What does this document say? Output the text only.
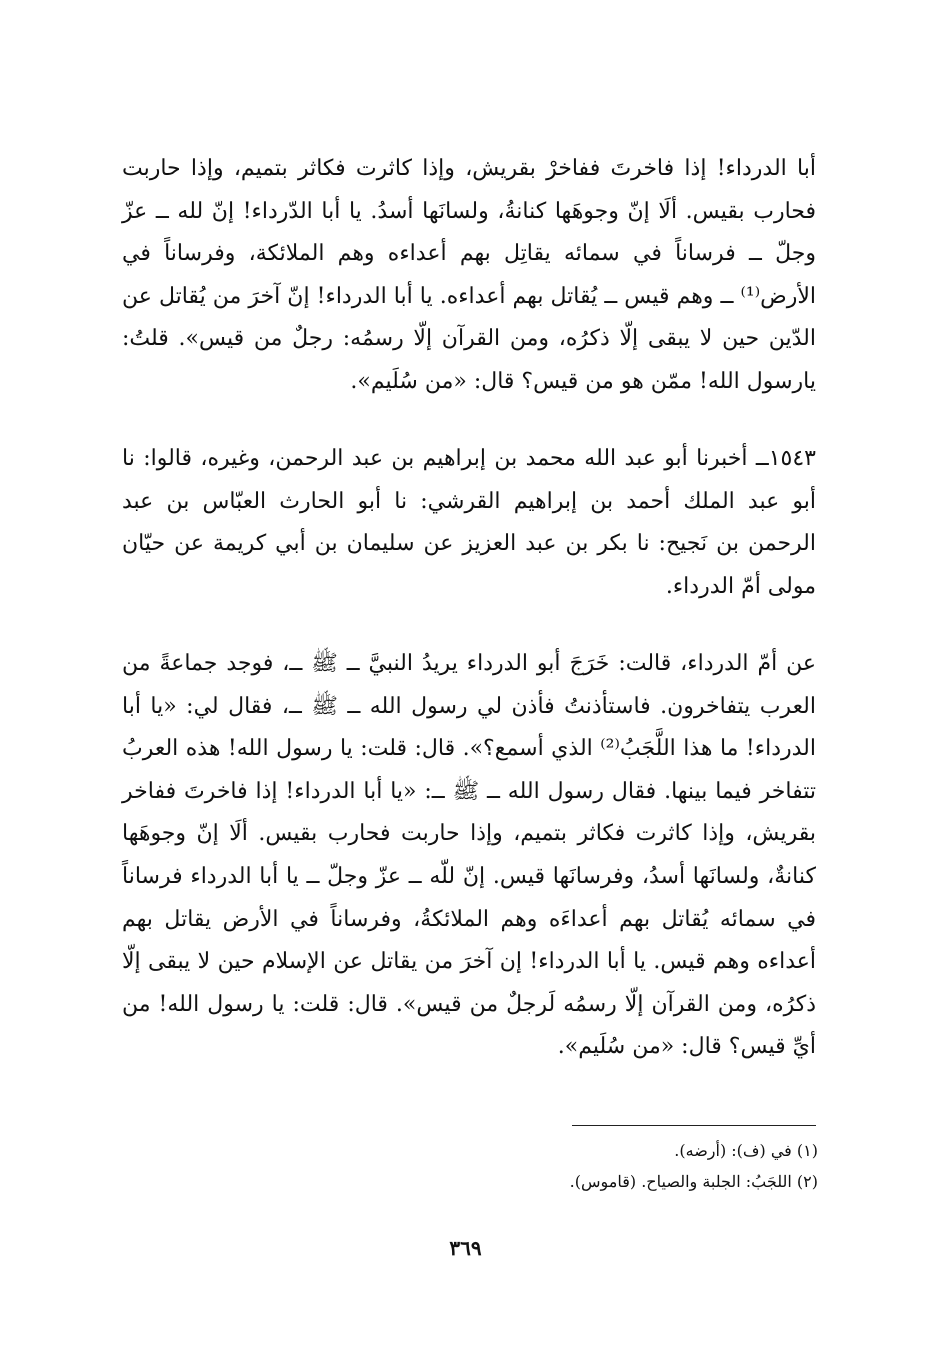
أبا الدرداء! إذا فاخرتَ ففاخرْ بقريش، وإذا كاثرت فكاثر بتميم، وإذا حاربت فحارب بقيس. ألَا إنّ وجوهَها كنانةُ، ولسانَها أسدُ. يا أبا الدّرداء! إنّ لله ــ عزّ وجلّ ــ فرساناً في سمائه يقاتِل بهم أعداءه وهم الملائكة، وفرساناً في الأرض⁽¹⁾ ــ وهم قيس ــ يُقاتل بهم أعداءه. يا أبا الدرداء! إنّ آخرَ من يُقاتل عن الدّين حين لا يبقى إلّا ذكرُه، ومن القرآن إلّا رسمُه: رجلٌ من قيس». قلتُ: يارسول الله! ممّن هو من قيس؟ قال: «من سُلَيم».

١٥٤٣ــ أخبرنا أبو عبد الله محمد بن إبراهيم بن عبد الرحمن، وغيره، قالوا: نا أبو عبد الملك أحمد بن إبراهيم القرشي: نا أبو الحارث العبّاس بن عبد الرحمن بن نَجيح: نا بكر بن عبد العزيز عن سليمان بن أبي كريمة عن حيّان مولى أمّ الدرداء.

عن أمّ الدرداء، قالت: خَرَجَ أبو الدرداء يريدُ النبيَّ ــ ﷺ ــ، فوجد جماعةً من العرب يتفاخرون. فاستأذنتُ فأذن لي رسول الله ــ ﷺ ــ، فقال لي: «يا أبا الدرداء! ما هذا اللَّجَبُ⁽²⁾ الذي أسمع؟». قال: قلت: يا رسول الله! هذه العربُ تتفاخر فيما بينها. فقال رسول الله ــ ﷺ ــ: «يا أبا الدرداء! إذا فاخرتَ ففاخر بقريش، وإذا كاثرت فكاثر بتميم، وإذا حاربت فحارب بقيس. ألَا إنّ وجوهَها كنانةٌ، ولسانَها أسدُ، وفرسانَها قيس. إنّ للّه ــ عزّ وجلّ ــ يا أبا الدرداء فرساناً في سمائه يُقاتل بهم أعداءَه وهم الملائكةُ، وفرساناً في الأرض يقاتل بهم أعداءه وهم قيس. يا أبا الدرداء! إن آخرَ من يقاتل عن الإسلام حين لا يبقى إلّا ذكرُه، ومن القرآن إلّا رسمُه لَرجلٌ من قيس». قال: قلت: يا رسول الله! من أيِّ قيس؟ قال: «من سُلَيم».

(١) في (ف): (أرضه).
(٢) اللجَبُ: الجلبة والصياح. (قاموس).
٣٦٩
